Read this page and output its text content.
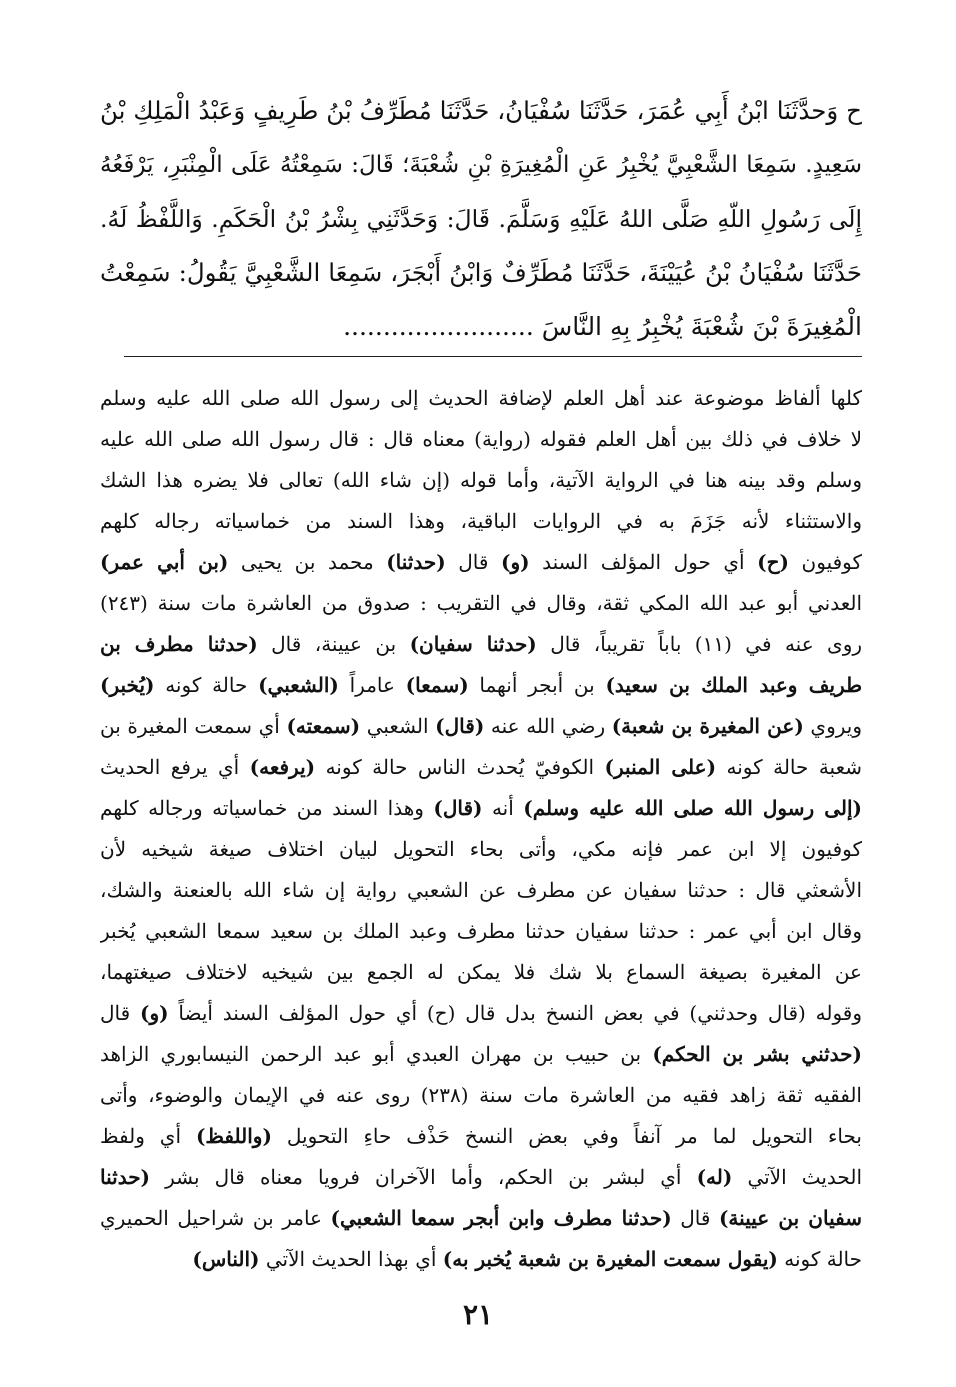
ح وَحدَّثَنَا ابْنُ أَبِي عُمَرَ، حَدَّثَنَا سُفْيَانُ، حَدَّثَنَا مُطَرِّفُ بْنُ طَرِيفٍ وَعَبْدُ الْمَلِكِ بْنُ
سَعِيدٍ. سَمِعَا الشَّعْبِيَّ يُخْبِرُ عَنِ الْمُغِيرَةِ بْنِ شُعْبَةَ؛ قَالَ: سَمِعْتُهُ عَلَى الْمِنْبَرِ، يَرْفَعُهُ
إِلَى رَسُولِ اللّهِ صَلَّى اللهُ عَلَيْهِ وَسَلَّمَ. قَالَ: وَحَدَّثَنِي بِشْرُ بْنُ الْحَكَمِ. وَاللَّفْظُ لَهُ.
حَدَّثَنَا سُفْيَانُ بْنُ عُيَيْنَةَ، حَدَّثَنَا مُطَرِّفٌ وَابْنُ أَبْجَرَ، سَمِعَا الشَّعْبِيَّ يَقُولُ: سَمِعْتُ
الْمُغِيرَةَ بْنَ شُعْبَةَ يُخْبِرُ بِهِ النَّاسَ ........................
كلها ألفاظ موضوعة عند أهل العلم لإضافة الحديث إلى رسول الله صلى الله عليه وسلم
لا خلاف في ذلك بين أهل العلم فقوله (رواية) معناه قال : قال رسول الله صلى الله عليه
وسلم وقد بينه هنا في الرواية الآتية، وأما قوله (إن شاء الله) تعالى فلا يضره هذا الشك
والاستثناء لأنه جَزَمَ به في الروايات الباقية، وهذا السند من خماسياته رجاله كلهم
كوفيون (ح) أي حول المؤلف السند (و) قال (حدثنا) محمد بن يحيى (بن أبي عمر)
العدني أبو عبد الله المكي ثقة، وقال في التقريب : صدوق من العاشرة مات سنة (٢٤٣)
روى عنه في (١١) باباً تقريباً، قال (حدثنا سفيان) بن عيينة، قال (حدثنا مطرف بن
طريف وعبد الملك بن سعيد) بن أبجر أنهما (سمعا) عامراً (الشعبي) حالة كونه (يُخبر)
ويروي (عن المغيرة بن شعبة) رضي الله عنه (قال) الشعبي (سمعته) أي سمعت المغيرة بن
شعبة حالة كونه (على المنبر) الكوفيّ يُحدث الناس حالة كونه (يرفعه) أي يرفع الحديث
(إلى رسول الله صلى الله عليه وسلم) أنه (قال) وهذا السند من خماسياته ورجاله كلهم
كوفيون إلا ابن عمر فإنه مكي، وأتى بحاء التحويل لبيان اختلاف صيغة شيخيه لأن
الأشعثي قال : حدثنا سفيان عن مطرف عن الشعبي رواية إن شاء الله بالعنعنة والشك،
وقال ابن أبي عمر : حدثنا سفيان حدثنا مطرف وعبد الملك بن سعيد سمعا الشعبي يُخبر
عن المغيرة بصيغة السماع بلا شك فلا يمكن له الجمع بين شيخيه لاختلاف صيغتهما،
وقوله (قال وحدثني) في بعض النسخ بدل قال (ح) أي حول المؤلف السند أيضاً (و) قال
(حدثني بشر بن الحكم) بن حبيب بن مهران العبدي أبو عبد الرحمن النيسابوري الزاهد
الفقيه ثقة زاهد فقيه من العاشرة مات سنة (٢٣٨) روى عنه في الإيمان والوضوء، وأتى
بحاء التحويل لما مر آنفاً وفي بعض النسخ حَذْف حاءِ التحويل (واللفظ) أي ولفظ
الحديث الآتي (له) أي لبشر بن الحكم، وأما الآخران فرويا معناه قال بشر (حدثنا
سفيان بن عيينة) قال (حدثنا مطرف وابن أبجر سمعا الشعبي) عامر بن شراحيل الحميري
حالة كونه (يقول سمعت المغيرة بن شعبة يُخبر به) أي بهذا الحديث الآتي (الناس)
٢١
